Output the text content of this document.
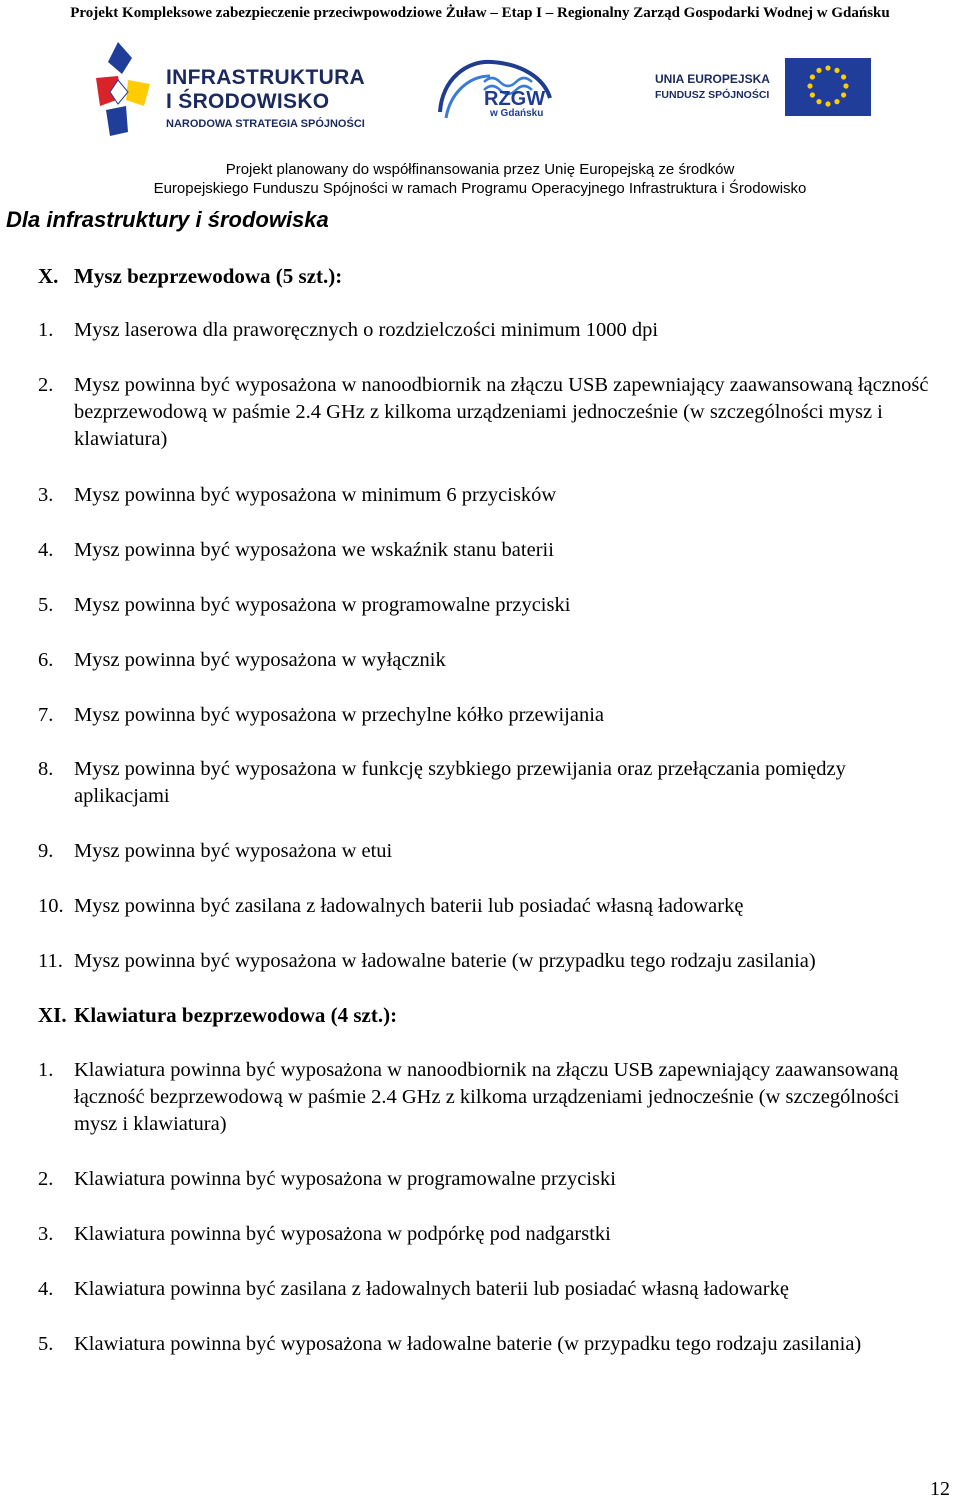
Projekt Kompleksowe zabezpieczenie przeciwpowodziowe Żuław – Etap I – Regionalny Zarząd Gospodarki Wodnej w Gdańsku
INFRASTRUKTURA
I ŚRODOWISKO
NARODOWA STRATEGIA SPÓJNOŚCI
RZGW
w Gdańsku
UNIA EUROPEJSKA
FUNDUSZ SPÓJNOŚCI
Projekt planowany do współfinansowania przez Unię Europejską ze środków
Europejskiego Funduszu Spójności w ramach Programu Operacyjnego Infrastruktura i Środowisko
Dla infrastruktury i środowiska
X. Mysz bezprzewodowa (5 szt.):
1. Mysz laserowa dla praworęcznych o rozdzielczości minimum 1000 dpi
2. Mysz powinna być wyposażona w nanoodbiornik na złączu USB zapewniający zaawansowaną łączność bezprzewodową w paśmie 2.4 GHz z kilkoma urządzeniami jednocześnie (w szczególności mysz i klawiatura)
3. Mysz powinna być wyposażona w minimum 6 przycisków
4. Mysz powinna być wyposażona we wskaźnik stanu baterii
5. Mysz powinna być wyposażona w programowalne przyciski
6. Mysz powinna być wyposażona w wyłącznik
7. Mysz powinna być wyposażona w przechylne kółko przewijania
8. Mysz powinna być wyposażona w funkcję szybkiego przewijania oraz przełączania pomiędzy aplikacjami
9. Mysz powinna być wyposażona w etui
10. Mysz powinna być zasilana z ładowalnych baterii lub posiadać własną ładowarkę
11. Mysz powinna być wyposażona w ładowalne baterie (w przypadku tego rodzaju zasilania)
XI. Klawiatura bezprzewodowa (4 szt.):
1. Klawiatura powinna być wyposażona w nanoodbiornik na złączu USB zapewniający zaawansowaną łączność bezprzewodową w paśmie 2.4 GHz z kilkoma urządzeniami jednocześnie (w szczególności mysz i klawiatura)
2. Klawiatura powinna być wyposażona w programowalne przyciski
3. Klawiatura powinna być wyposażona w podpórkę pod nadgarstki
4. Klawiatura powinna być zasilana z ładowalnych baterii lub posiadać własną ładowarkę
5. Klawiatura powinna być wyposażona w ładowalne baterie (w przypadku tego rodzaju zasilania)
12
